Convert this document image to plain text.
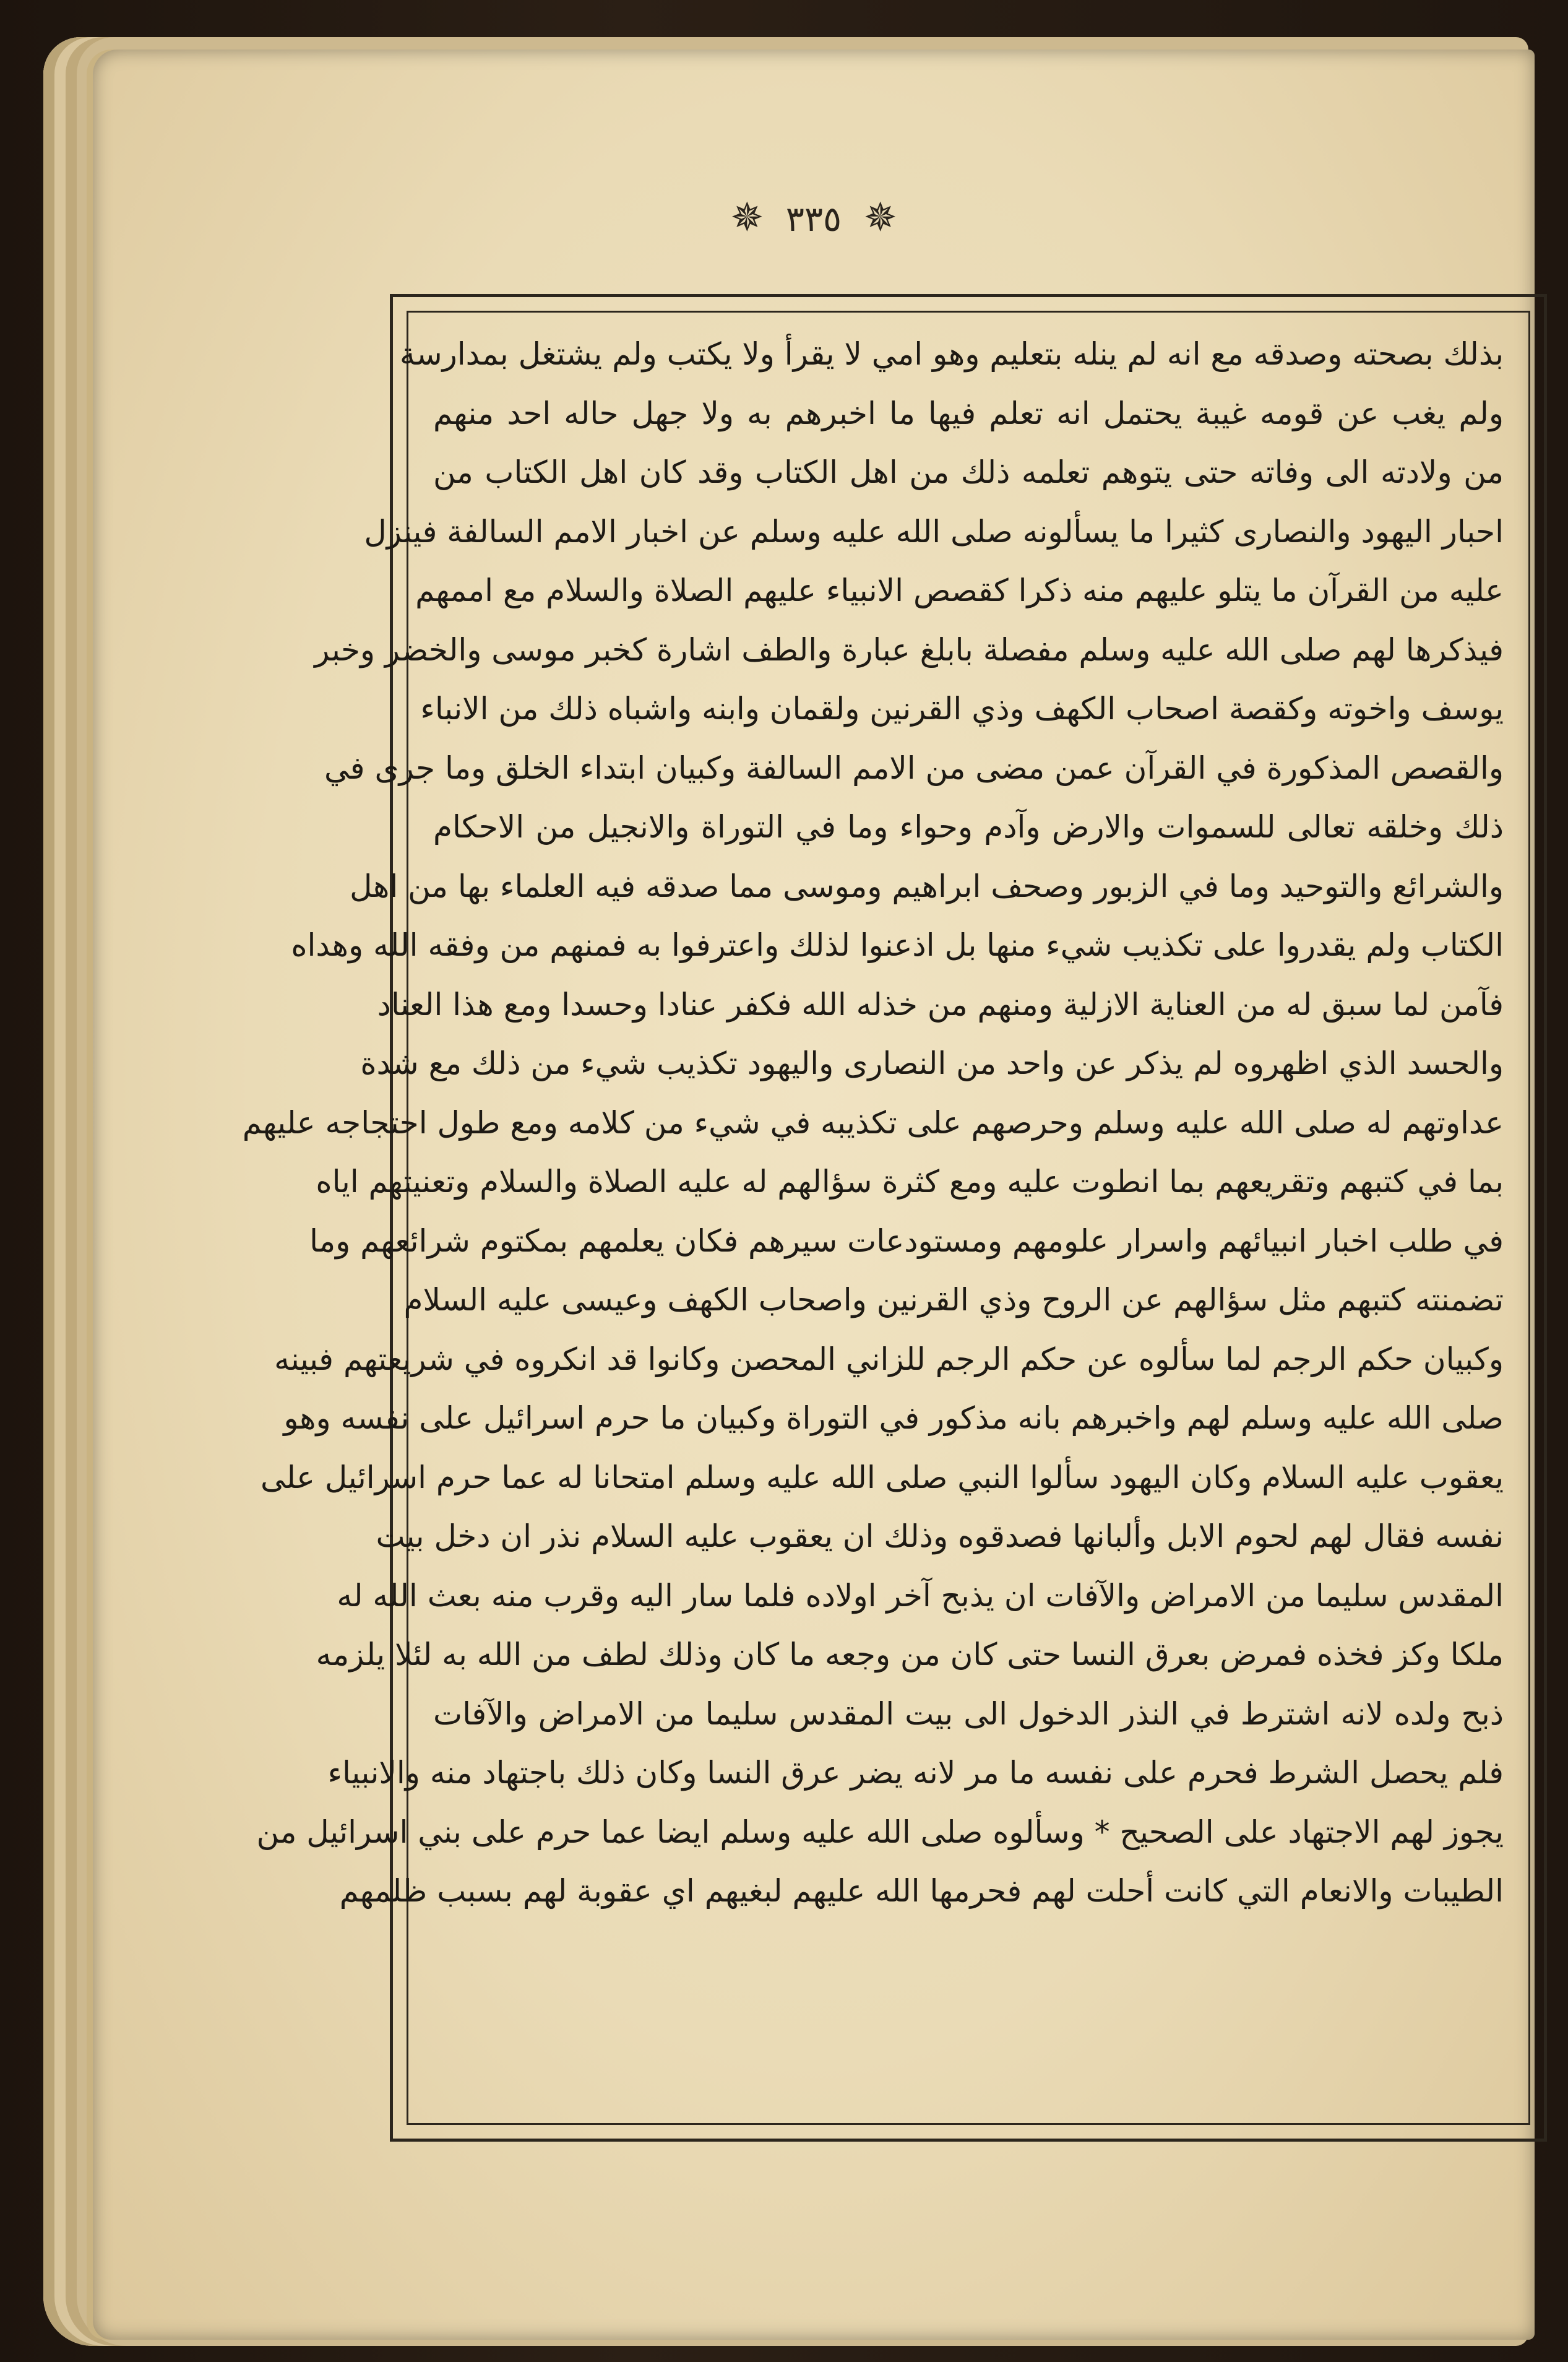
✵ ٣٣٥ ✵
بذلك بصحته وصدقه مع انه لم ينله بتعليم وهو امي لا يقرأ ولا يكتب ولم يشتغل بمدارسة
ولم يغب عن قومه غيبة يحتمل انه تعلم فيها ما اخبرهم به ولا جهل حاله احد منهم
من ولادته الى وفاته حتى يتوهم تعلمه ذلك من اهل الكتاب وقد كان اهل الكتاب من
احبار اليهود والنصارى كثيرا ما يسألونه صلى الله عليه وسلم عن اخبار الامم السالفة فينزل
عليه من القرآن ما يتلو عليهم منه ذكرا كقصص الانبياء عليهم الصلاة والسلام مع اممهم
فيذكرها لهم صلى الله عليه وسلم مفصلة بابلغ عبارة والطف اشارة كخبر موسى والخضر وخبر
يوسف واخوته وكقصة اصحاب الكهف وذي القرنين ولقمان وابنه واشباه ذلك من الانباء
والقصص المذكورة في القرآن عمن مضى من الامم السالفة وكبيان ابتداء الخلق وما جرى في
ذلك وخلقه تعالى للسموات والارض وآدم وحواء وما في التوراة والانجيل من الاحكام
والشرائع والتوحيد وما في الزبور وصحف ابراهيم وموسى مما صدقه فيه العلماء بها من اهل
الكتاب ولم يقدروا على تكذيب شيء منها بل اذعنوا لذلك واعترفوا به فمنهم من وفقه الله وهداه
فآمن لما سبق له من العناية الازلية ومنهم من خذله الله فكفر عنادا وحسدا ومع هذا العناد
والحسد الذي اظهروه لم يذكر عن واحد من النصارى واليهود تكذيب شيء من ذلك مع شدة
عداوتهم له صلى الله عليه وسلم وحرصهم على تكذيبه في شيء من كلامه ومع طول احتجاجه عليهم
بما في كتبهم وتقريعهم بما انطوت عليه ومع كثرة سؤالهم له عليه الصلاة والسلام وتعنيتهم اياه
في طلب اخبار انبيائهم واسرار علومهم ومستودعات سيرهم فكان يعلمهم بمكتوم شرائعهم وما
تضمنته كتبهم مثل سؤالهم عن الروح وذي القرنين واصحاب الكهف وعيسى عليه السلام
وكبيان حكم الرجم لما سألوه عن حكم الرجم للزاني المحصن وكانوا قد انكروه في شريعتهم فبينه
صلى الله عليه وسلم لهم واخبرهم بانه مذكور في التوراة وكبيان ما حرم اسرائيل على نفسه وهو
يعقوب عليه السلام وكان اليهود سألوا النبي صلى الله عليه وسلم امتحانا له عما حرم اسرائيل على
نفسه فقال لهم لحوم الابل وألبانها فصدقوه وذلك ان يعقوب عليه السلام نذر ان دخل بيت
المقدس سليما من الامراض والآفات ان يذبح آخر اولاده فلما سار اليه وقرب منه بعث الله له
ملكا وكز فخذه فمرض بعرق النسا حتى كان من وجعه ما كان وذلك لطف من الله به لئلا يلزمه
ذبح ولده لانه اشترط في النذر الدخول الى بيت المقدس سليما من الامراض والآفات
فلم يحصل الشرط فحرم على نفسه ما مر لانه يضر عرق النسا وكان ذلك باجتهاد منه والانبياء
يجوز لهم الاجتهاد على الصحيح * وسألوه صلى الله عليه وسلم ايضا عما حرم على بني اسرائيل من
الطيبات والانعام التي كانت أحلت لهم فحرمها الله عليهم لبغيهم اي عقوبة لهم بسبب ظلمهم
